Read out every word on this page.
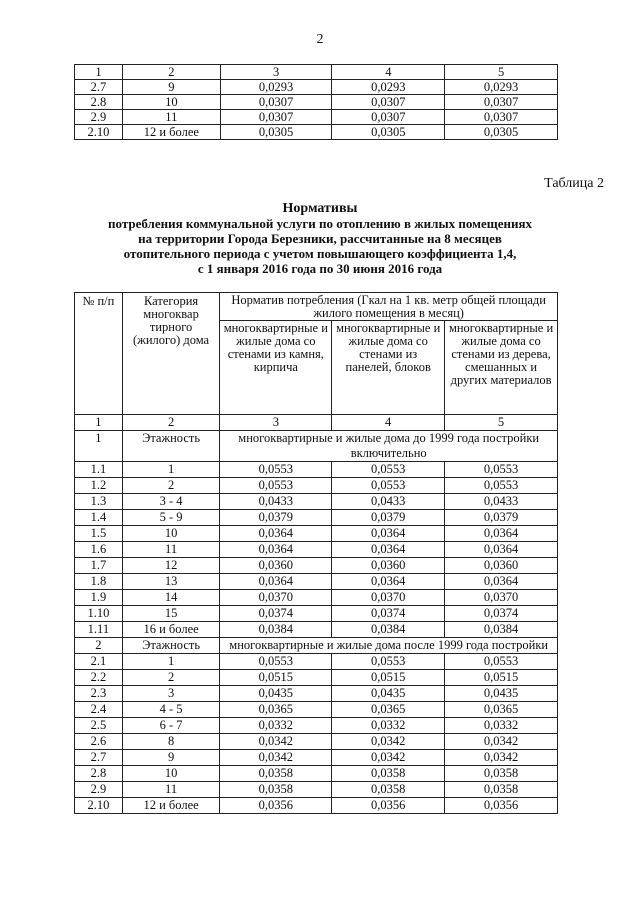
2
1	2	3	4	5
2.7	9	0,0293	0,0293	0,0293
2.8	10	0,0307	0,0307	0,0307
2.9	11	0,0307	0,0307	0,0307
2.10	12 и более	0,0305	0,0305	0,0305
Таблица 2
Нормативы
потребления коммунальной услуги по отоплению в жилых помещениях
на территории Города Березники, рассчитанные на 8 месяцев
отопительного периода с учетом повышающего коэффициента 1,4,
с 1 января 2016 года по 30 июня 2016 года
№ п/п	Категория многоквар тирного (жилого) дома	Норматив потребления (Гкал на 1 кв. метр общей площади жилого помещения в месяц)		
		многоквартирные и жилые дома со стенами из камня, кирпича	многоквартирные и жилые дома со стенами из панелей, блоков	многоквартирные и жилые дома со стенами из дерева, смешанных и других материалов
1	2	3	4	5
1	Этажность	многоквартирные и жилые дома до 1999 года постройки включительно		
1.1	1	0,0553	0,0553	0,0553
1.2	2	0,0553	0,0553	0,0553
1.3	3 - 4	0,0433	0,0433	0,0433
1.4	5 - 9	0,0379	0,0379	0,0379
1.5	10	0,0364	0,0364	0,0364
1.6	11	0,0364	0,0364	0,0364
1.7	12	0,0360	0,0360	0,0360
1.8	13	0,0364	0,0364	0,0364
1.9	14	0,0370	0,0370	0,0370
1.10	15	0,0374	0,0374	0,0374
1.11	16 и более	0,0384	0,0384	0,0384
2	Этажность	многоквартирные и жилые дома после 1999 года постройки		
2.1	1	0,0553	0,0553	0,0553
2.2	2	0,0515	0,0515	0,0515
2.3	3	0,0435	0,0435	0,0435
2.4	4 - 5	0,0365	0,0365	0,0365
2.5	6 - 7	0,0332	0,0332	0,0332
2.6	8	0,0342	0,0342	0,0342
2.7	9	0,0342	0,0342	0,0342
2.8	10	0,0358	0,0358	0,0358
2.9	11	0,0358	0,0358	0,0358
2.10	12 и более	0,0356	0,0356	0,0356
